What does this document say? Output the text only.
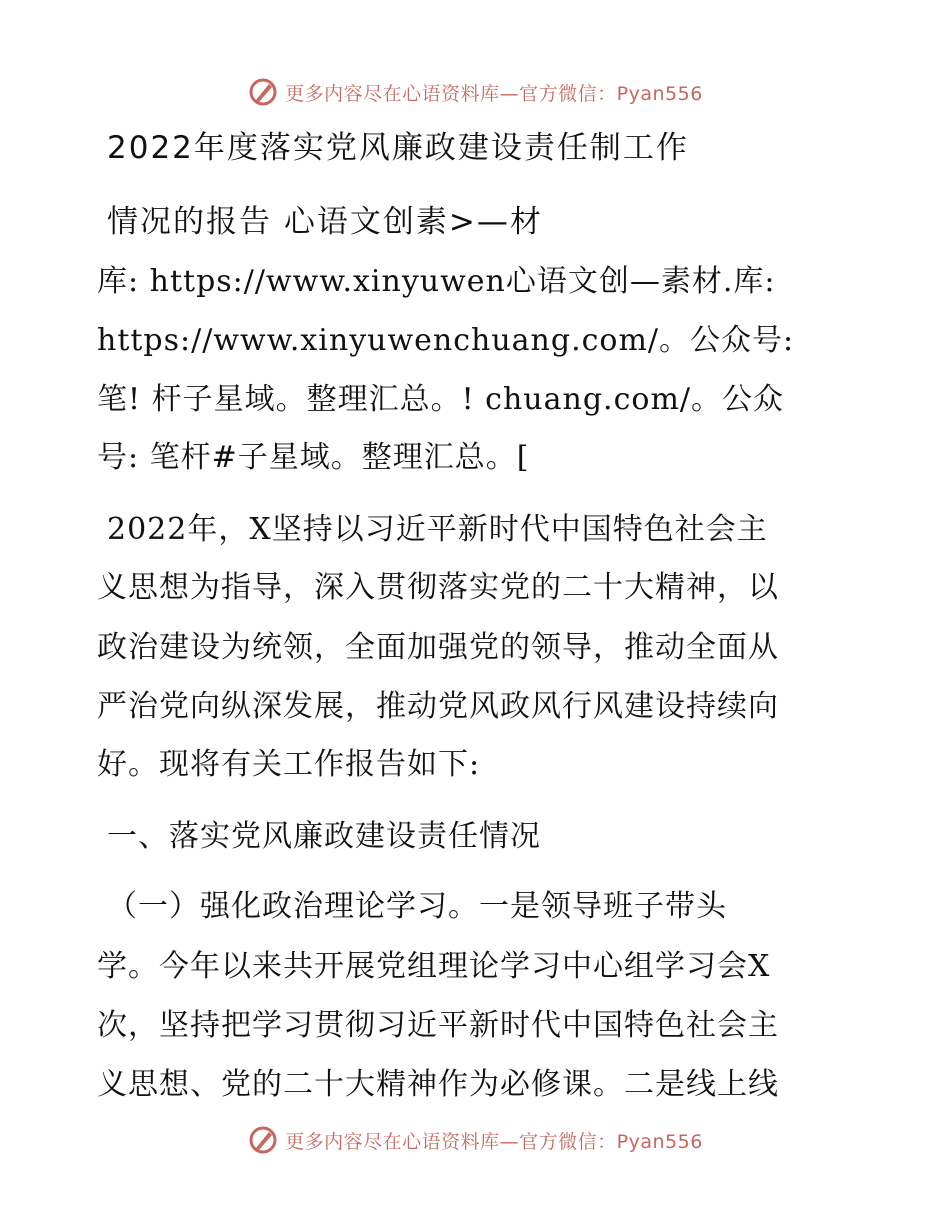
更多内容尽在心语资料库—官方微信：Pyan556
2022年度落实党风廉政建设责任制工作
情况的报告 心语文创素>—材
库: https://www.xinyuwen心语文创—素材.库:
https://www.xinyuwenchuang.com/。公众号:
笔! 杆子星域。整理汇总。! chuang.com/。公众
号: 笔杆#子星域。整理汇总。[
2022年，X坚持以习近平新时代中国特色社会主
义思想为指导，深入贯彻落实党的二十大精神，以
政治建设为统领，全面加强党的领导，推动全面从
严治党向纵深发展，推动党风政风行风建设持续向
好。现将有关工作报告如下:
一、落实党风廉政建设责任情况
（一）强化政治理论学习。一是领导班子带头
学。今年以来共开展党组理论学习中心组学习会X
次，坚持把学习贯彻习近平新时代中国特色社会主
义思想、党的二十大精神作为必修课。二是线上线
更多内容尽在心语资料库—官方微信：Pyan556
